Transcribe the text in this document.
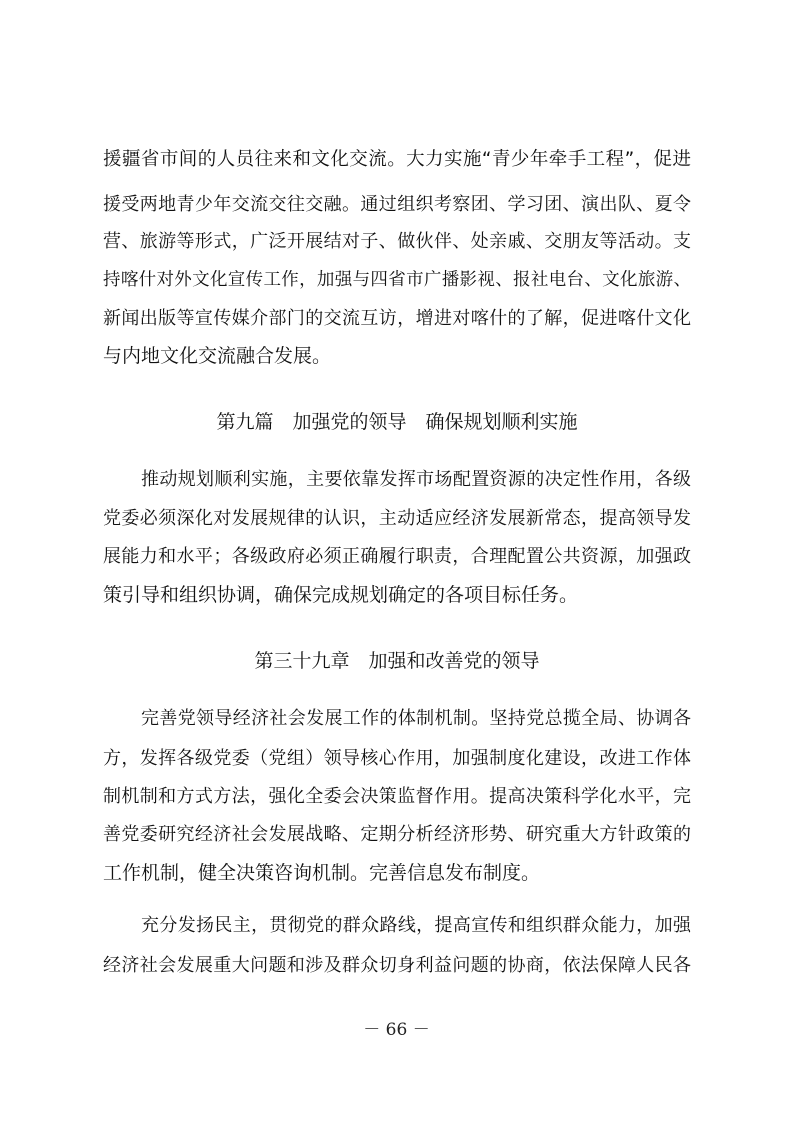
援疆省市间的人员往来和文化交流。大力实施“青少年牵手工程”，促进
援受两地青少年交流交往交融。通过组织考察团、学习团、演出队、夏令
营、旅游等形式，广泛开展结对子、做伙伴、处亲戚、交朋友等活动。支
持喀什对外文化宣传工作，加强与四省市广播影视、报社电台、文化旅游、
新闻出版等宣传媒介部门的交流互访，增进对喀什的了解，促进喀什文化
与内地文化交流融合发展。
第九篇　加强党的领导　确保规划顺利实施
推动规划顺利实施，主要依靠发挥市场配置资源的决定性作用，各级
党委必须深化对发展规律的认识，主动适应经济发展新常态，提高领导发
展能力和水平；各级政府必须正确履行职责，合理配置公共资源，加强政
策引导和组织协调，确保完成规划确定的各项目标任务。
第三十九章　加强和改善党的领导
完善党领导经济社会发展工作的体制机制。坚持党总揽全局、协调各
方，发挥各级党委（党组）领导核心作用，加强制度化建设，改进工作体
制机制和方式方法，强化全委会决策监督作用。提高决策科学化水平，完
善党委研究经济社会发展战略、定期分析经济形势、研究重大方针政策的
工作机制，健全决策咨询机制。完善信息发布制度。
充分发扬民主，贯彻党的群众路线，提高宣传和组织群众能力，加强
经济社会发展重大问题和涉及群众切身利益问题的协商，依法保障人民各
－ 66 －
